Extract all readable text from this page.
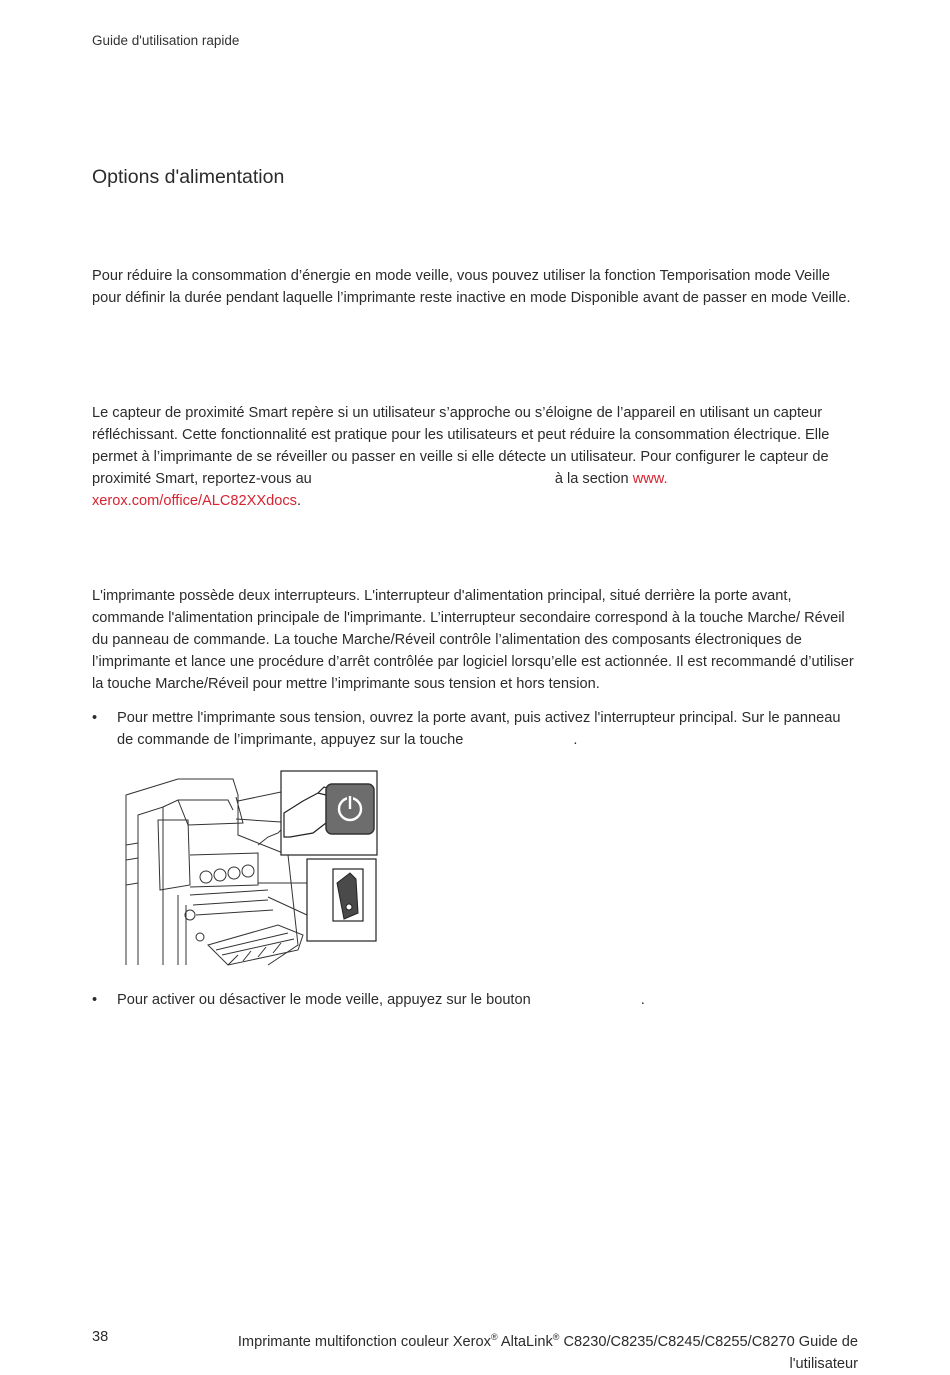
Guide d'utilisation rapide
Options d'alimentation

Pour réduire la consommation d’énergie en mode veille, vous pouvez utiliser la fonction Temporisation mode Veille pour définir la durée pendant laquelle l’imprimante reste inactive en mode Disponible avant de passer en mode Veille.

Le capteur de proximité Smart repère si un utilisateur s’approche ou s’éloigne de l’appareil en utilisant un capteur réfléchissant. Cette fonctionnalité est pratique pour les utilisateurs et peut réduire la consommation électrique. Elle permet à l’imprimante de se réveiller ou passer en veille si elle détecte un utilisateur. Pour configurer le capteur de proximité Smart, reportez-vous au	à la section www. xerox.com/office/ALC82XXdocs.

L'imprimante possède deux interrupteurs. L'interrupteur d'alimentation principal, situé derrière la porte avant, commande l'alimentation principale de l'imprimante. L’interrupteur secondaire correspond à la touche Marche/ Réveil du panneau de commande. La touche Marche/Réveil contrôle l’alimentation des composants électroniques de l’imprimante et lance une procédure d’arrêt contrôlée par logiciel lorsqu’elle est actionnée. Il est recommandé d’utiliser la touche Marche/Réveil pour mettre l’imprimante sous tension et hors tension.

• Pour mettre l'imprimante sous tension, ouvrez la porte avant, puis activez l'interrupteur principal. Sur le panneau de commande de l’imprimante, appuyez sur la touche	.
• Pour activer ou désactiver le mode veille, appuyez sur le bouton	.
38	Imprimante multifonction couleur Xerox® AltaLink® C8230/C8235/C8245/C8255/C8270 Guide de l'utilisateur
